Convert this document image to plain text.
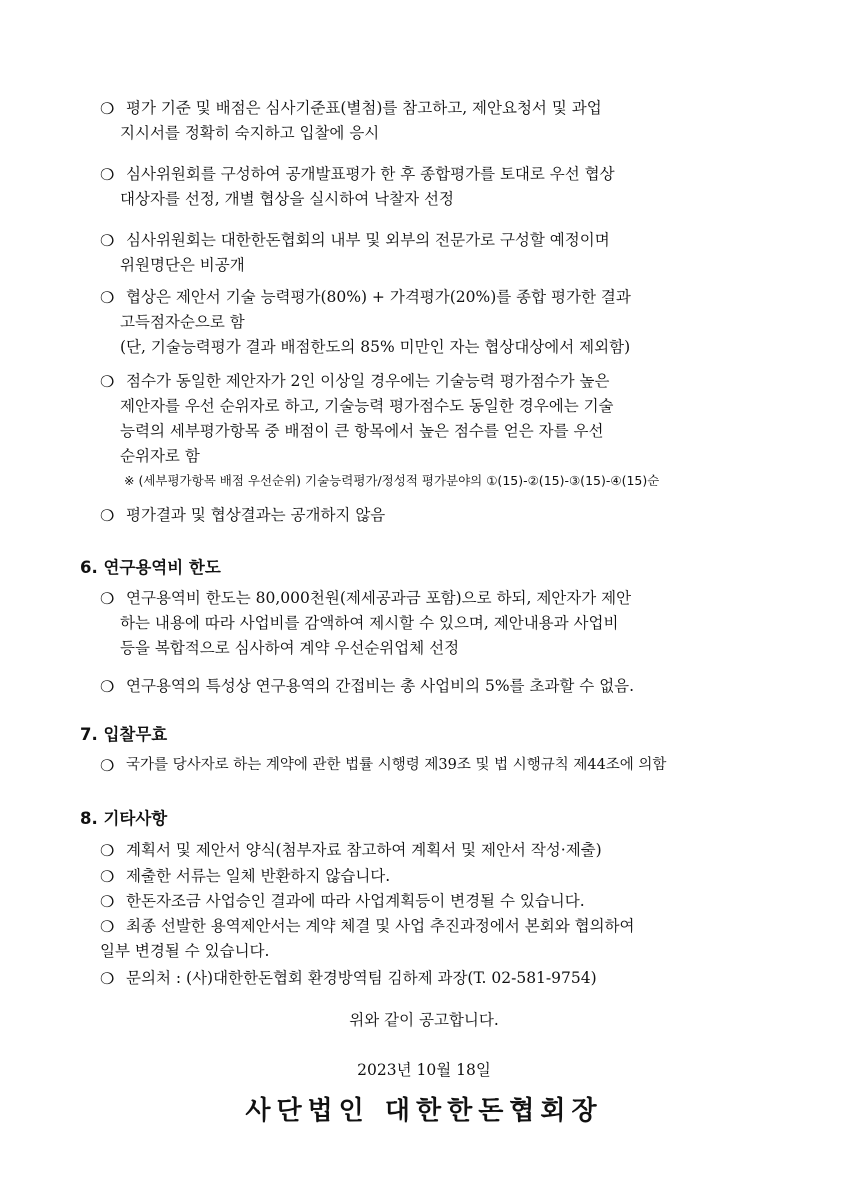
❍ 평가 기준 및 배점은 심사기준표(별첨)를 참고하고, 제안요청서 및 과업
지시서를 정확히 숙지하고 입찰에 응시
❍ 심사위원회를 구성하여 공개발표평가 한 후 종합평가를 토대로 우선 협상
대상자를 선정, 개별 협상을 실시하여 낙찰자 선정
❍ 심사위원회는 대한한돈협회의 내부 및 외부의 전문가로 구성할 예정이며
위원명단은 비공개
❍ 협상은 제안서 기술 능력평가(80%) + 가격평가(20%)를 종합 평가한 결과
고득점자순으로 함
(단, 기술능력평가 결과 배점한도의 85% 미만인 자는 협상대상에서 제외함)
❍ 점수가 동일한 제안자가 2인 이상일 경우에는 기술능력 평가점수가 높은
제안자를 우선 순위자로 하고, 기술능력 평가점수도 동일한 경우에는 기술
능력의 세부평가항목 중 배점이 큰 항목에서 높은 점수를 얻은 자를 우선
순위자로 함
※ (세부평가항목 배점 우선순위) 기술능력평가/정성적 평가분야의 ①(15)-②(15)-③(15)-④(15)순
❍ 평가결과 및 협상결과는 공개하지 않음
6. 연구용역비 한도
❍ 연구용역비 한도는 80,000천원(제세공과금 포함)으로 하되, 제안자가 제안
하는 내용에 따라 사업비를 감액하여 제시할 수 있으며, 제안내용과 사업비
등을 복합적으로 심사하여 계약 우선순위업체 선정
❍ 연구용역의 특성상 연구용역의 간접비는 총 사업비의 5%를 초과할 수 없음.
7. 입찰무효
❍ 국가를 당사자로 하는 계약에 관한 법률 시행령 제39조 및 법 시행규칙 제44조에 의함
8. 기타사항
❍ 계획서 및 제안서 양식(첨부자료 참고하여 계획서 및 제안서 작성·제출)
❍ 제출한 서류는 일체 반환하지 않습니다.
❍ 한돈자조금 사업승인 결과에 따라 사업계획등이 변경될 수 있습니다.
❍ 최종 선발한 용역제안서는 계약 체결 및 사업 추진과정에서 본회와 협의하여
일부 변경될 수 있습니다.
❍ 문의처 : (사)대한한돈협회 환경방역팀 김하제 과장(T. 02-581-9754)
위와 같이 공고합니다.
2023년 10월 18일
사단법인 대한한돈협회장
